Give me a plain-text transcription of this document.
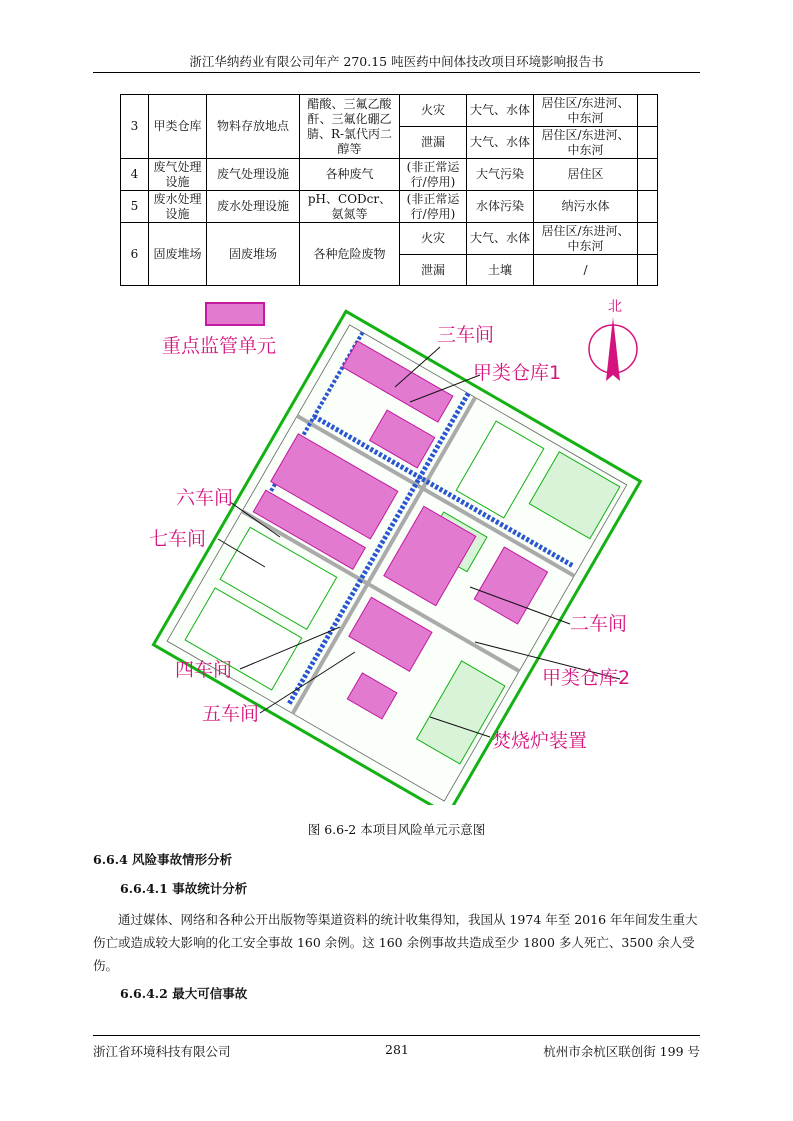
浙江华纳药业有限公司年产 270.15 吨医药中间体技改项目环境影响报告书
3	甲类仓库	物料存放地点	醋酸、三氟乙酸酐、三氟化硼乙腈、R-氯代丙二醇等	火灾	大气、水体	居住区/东进河、中东河	
				泄漏	大气、水体	居住区/东进河、中东河	
4	废气处理设施	废气处理设施	各种废气	(非正常运行/停用)	大气污染	居住区	
5	废水处理设施	废水处理设施	pH、CODcr、氨氮等	(非正常运行/停用)	水体污染	纳污水体	
6	固废堆场	固废堆场	各种危险废物	火灾	大气、水体	居住区/东进河、中东河	
				泄漏	土壤	/	
重点监管单元
北
三车间
甲类仓库1
六车间
七车间
二车间
四车间	甲类仓库2
五车间
焚烧炉装置
图 6.6-2 本项目风险单元示意图
6.6.4 风险事故情形分析
6.6.4.1 事故统计分析
通过媒体、网络和各种公开出版物等渠道资料的统计收集得知，我国从 1974 年至 2016 年年间发生重大伤亡或造成较大影响的化工安全事故 160 余例。这 160 余例事故共造成至少 1800 多人死亡、3500 余人受伤。
6.6.4.2 最大可信事故
浙江省环境科技有限公司	281	杭州市余杭区联创街 199 号
